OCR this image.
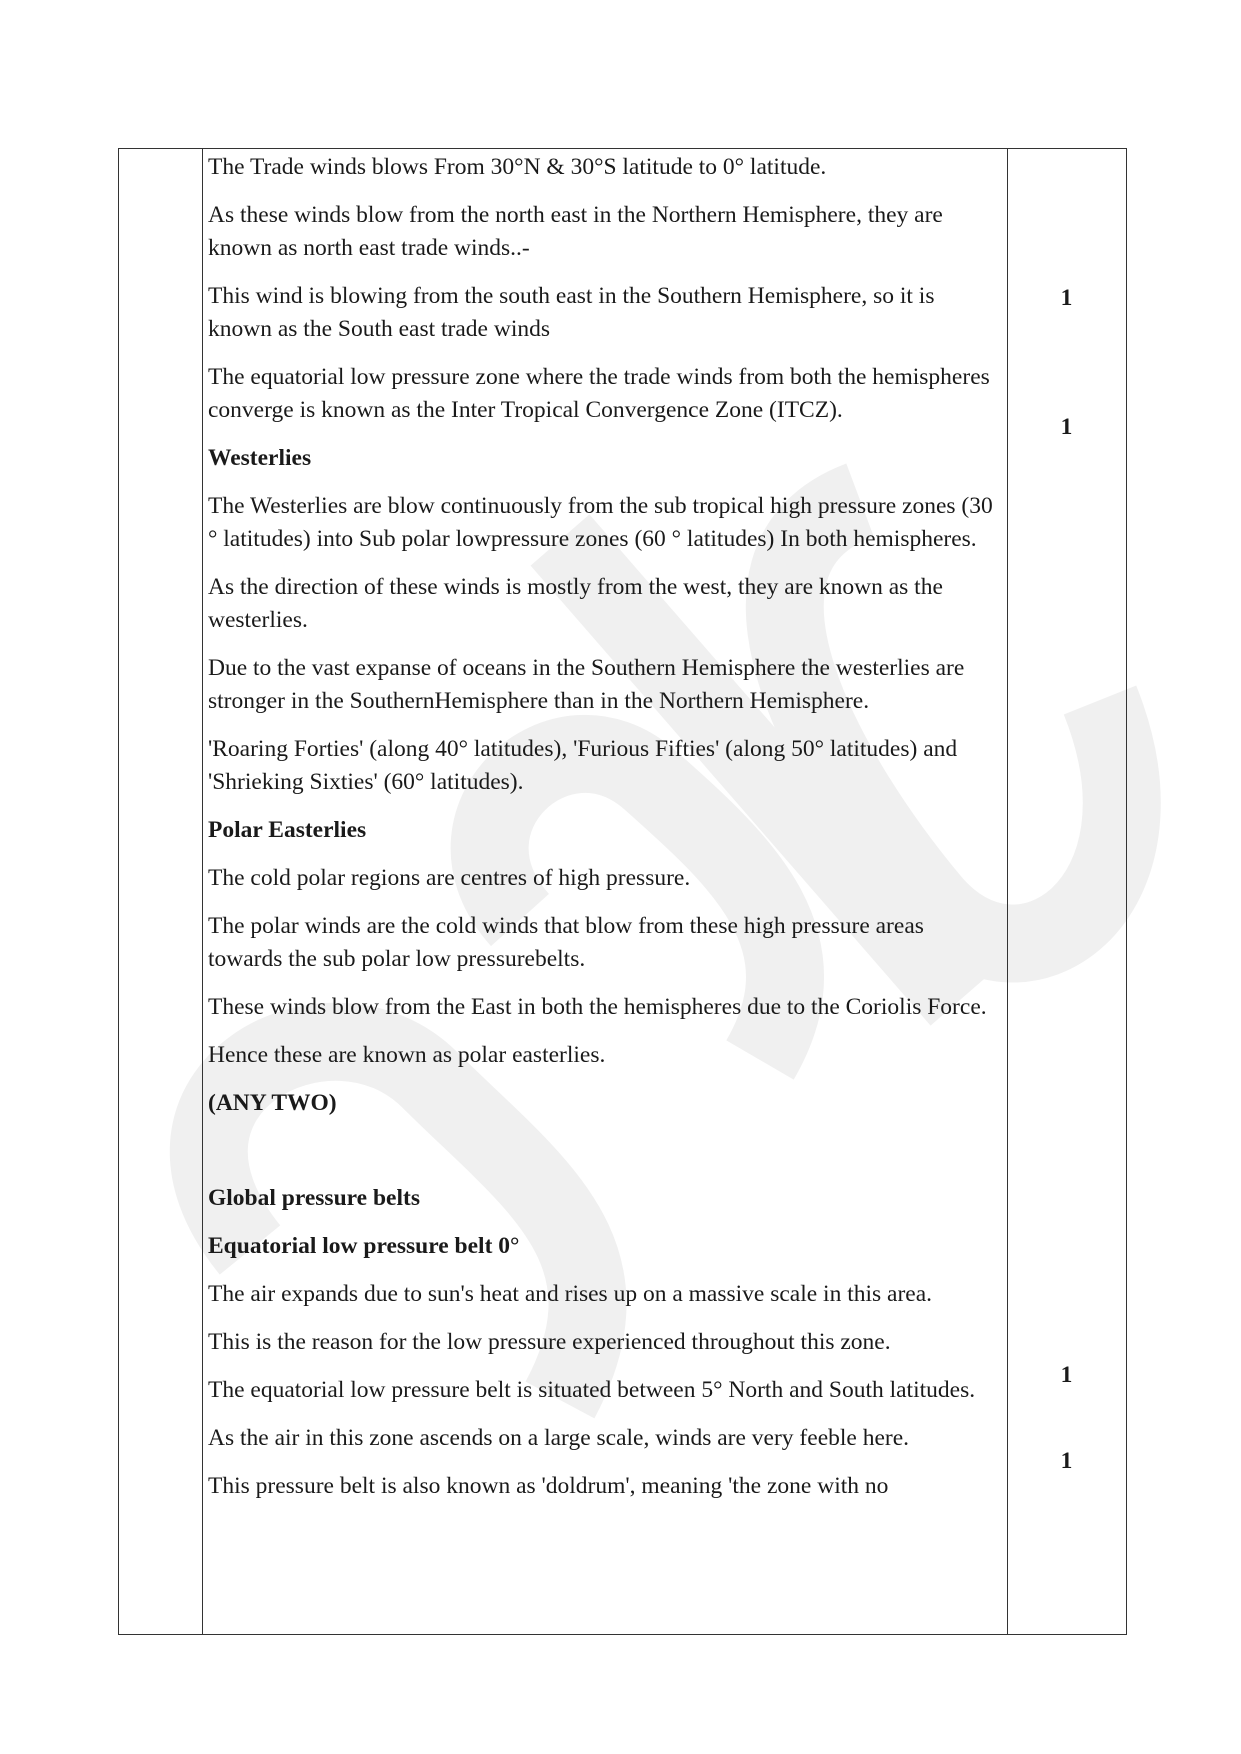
The Trade winds blows From 30°N & 30°S latitude to 0° latitude.

As these winds blow from the north east in the Northern Hemisphere, they are known as north east trade winds..-

This wind is blowing from the south east in the Southern Hemisphere, so it is known as the South east trade winds

The equatorial low pressure zone where the trade winds from both the hemispheres converge is known as the Inter Tropical Convergence Zone (ITCZ).

Westerlies

The Westerlies are blow continuously from the sub tropical high pressure zones (30 ° latitudes) into Sub polar lowpressure zones (60 ° latitudes) In both hemispheres.

As the direction of these winds is mostly from the west, they are known as the westerlies.

Due to the vast expanse of oceans in the Southern Hemisphere the westerlies are stronger in the SouthernHemisphere than in the Northern Hemisphere.

'Roaring Forties' (along 40° latitudes), 'Furious Fifties' (along 50° latitudes) and 'Shrieking Sixties' (60° latitudes).

Polar Easterlies

The cold polar regions are centres of high pressure.

The polar winds are the cold winds that blow from these high pressure areas towards the sub polar low pressurebelts.

These winds blow from the East in both the hemispheres due to the Coriolis Force.

Hence these are known as polar easterlies.

(ANY TWO)

Global pressure belts

Equatorial low pressure belt 0°

The air expands due to sun's heat and rises up on a massive scale in this area.

This is the reason for the low pressure experienced throughout this zone.

The equatorial low pressure belt is situated between 5° North and South latitudes.

As the air in this zone ascends on a large scale, winds are very feeble here.

This pressure belt is also known as 'doldrum', meaning 'the zone with no

1
1
1
1
